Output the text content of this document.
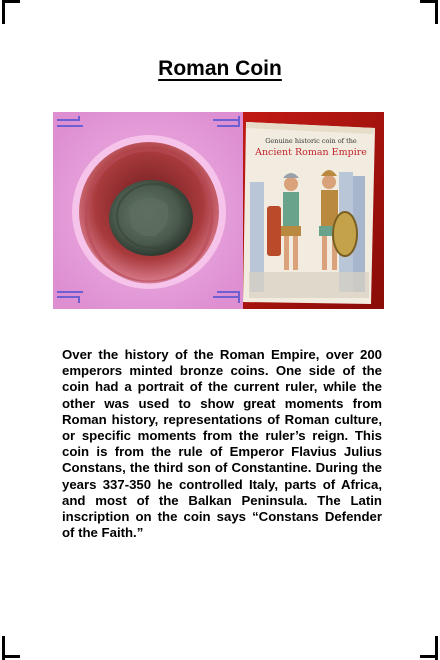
Roman Coin
Genuine historic coin of the
Ancient Roman Empire
Over the history of the Roman Empire, over 200 emperors minted bronze coins. One side of the coin had a portrait of the current ruler, while the other was used to show great moments from Roman history, representations of Roman culture, or specific moments from the ruler’s reign. This coin is from the rule of Emperor Flavius Julius Constans, the third son of Constantine. During the years 337-350 he controlled Italy, parts of Africa, and most of the Balkan Peninsula. The Latin inscription on the coin says “Constans Defender of the Faith.”
